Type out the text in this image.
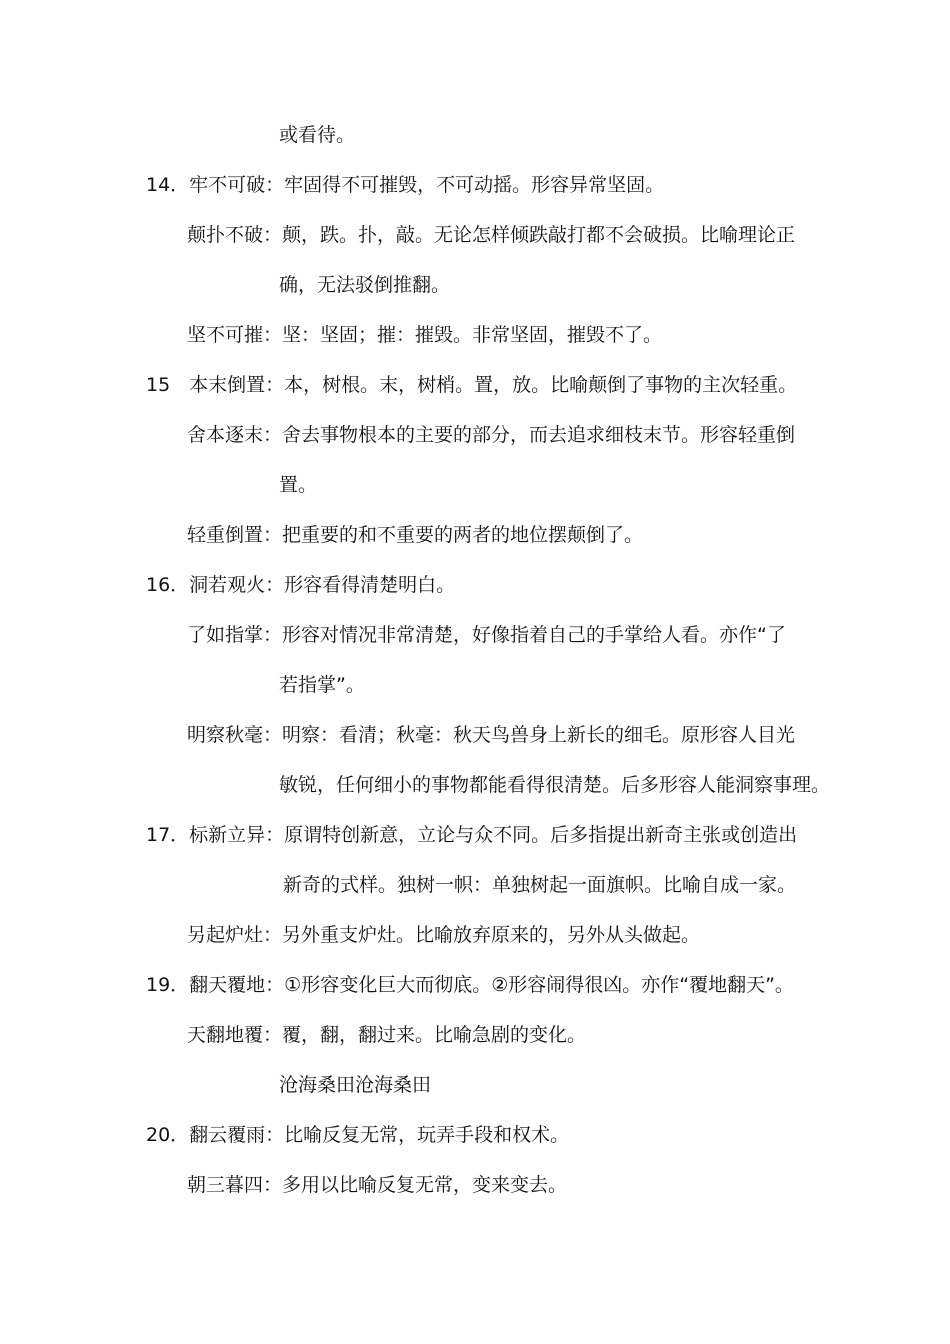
或看待。
14．牢不可破：牢固得不可摧毁，不可动摇。形容异常坚固。
颠扑不破：颠，跌。扑，敲。无论怎样倾跌敲打都不会破损。比喻理论正
确，无法驳倒推翻。
坚不可摧：坚：坚固；摧：摧毁。非常坚固，摧毁不了。
15　本末倒置：本，树根。末，树梢。置，放。比喻颠倒了事物的主次轻重。
舍本逐末：舍去事物根本的主要的部分，而去追求细枝末节。形容轻重倒
置。
轻重倒置：把重要的和不重要的两者的地位摆颠倒了。
16．洞若观火：形容看得清楚明白。
了如指掌：形容对情况非常清楚，好像指着自己的手掌给人看。亦作“了
若指掌”。
明察秋毫：明察：看清；秋毫：秋天鸟兽身上新长的细毛。原形容人目光
敏锐，任何细小的事物都能看得很清楚。后多形容人能洞察事理。
17．标新立异：原谓特创新意，立论与众不同。后多指提出新奇主张或创造出
新奇的式样。独树一帜：单独树起一面旗帜。比喻自成一家。
另起炉灶：另外重支炉灶。比喻放弃原来的，另外从头做起。
19．翻天覆地：①形容变化巨大而彻底。②形容闹得很凶。亦作“覆地翻天”。
天翻地覆：覆，翻，翻过来。比喻急剧的变化。
沧海桑田沧海桑田
20．翻云覆雨：比喻反复无常，玩弄手段和权术。
朝三暮四：多用以比喻反复无常，变来变去。
